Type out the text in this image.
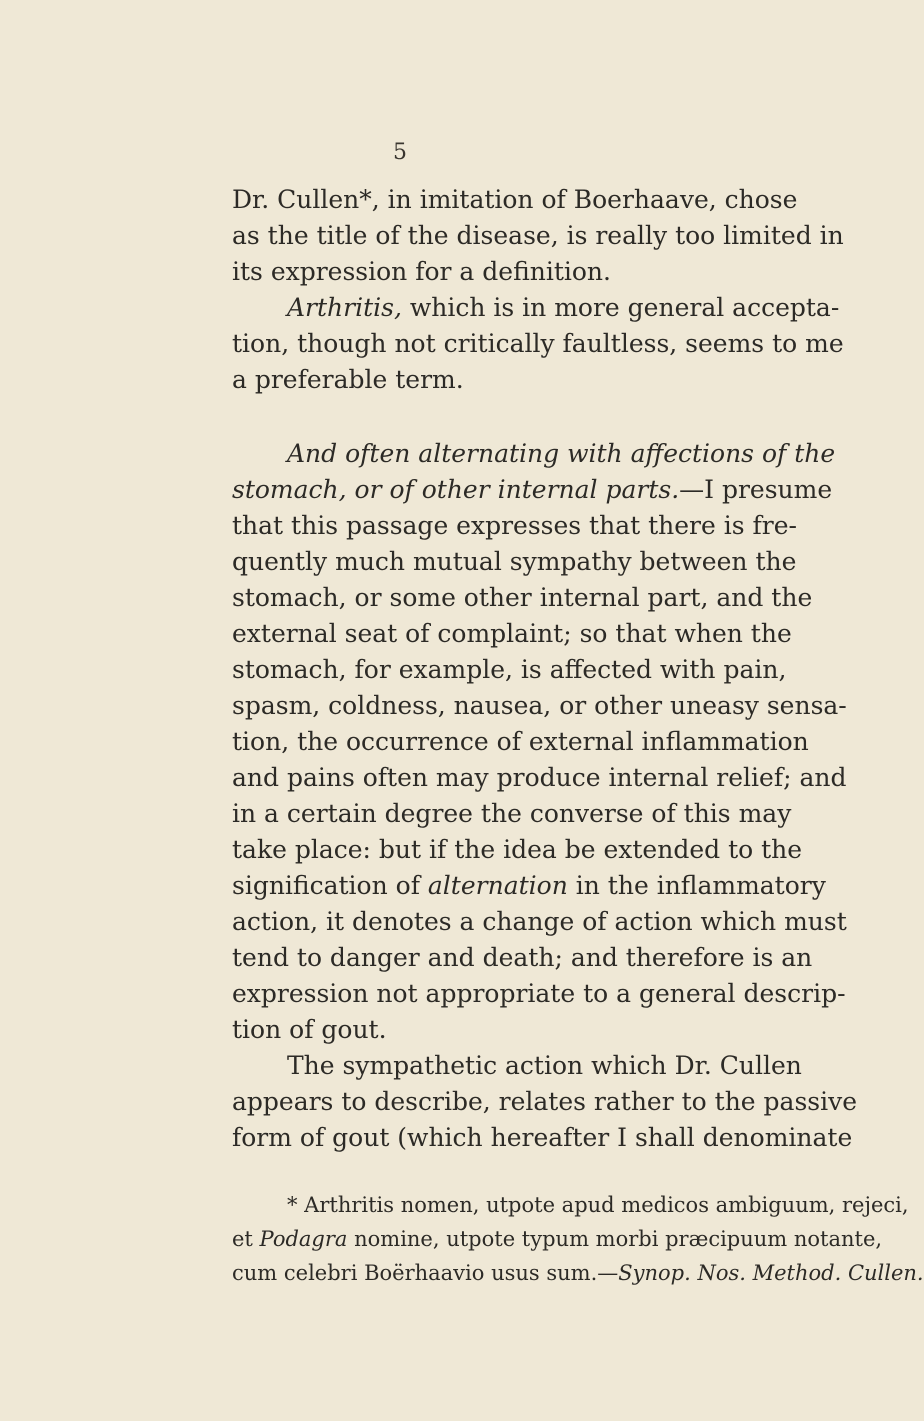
5
Dr. Cullen*, in imitation of Boerhaave, chose
as the title of the disease, is really too limited in
its expression for a definition.
Arthritis, which is in more general accepta-
tion, though not critically faultless, seems to me
a preferable term.
And often alternating with affections of the
stomach, or of other internal parts.—I presume
that this passage expresses that there is fre-
quently much mutual sympathy between the
stomach, or some other internal part, and the
external seat of complaint; so that when the
stomach, for example, is affected with pain,
spasm, coldness, nausea, or other uneasy sensa-
tion, the occurrence of external inflammation
and pains often may produce internal relief; and
in a certain degree the converse of this may
take place: but if the idea be extended to the
signification of alternation in the inflammatory
action, it denotes a change of action which must
tend to danger and death; and therefore is an
expression not appropriate to a general descrip-
tion of gout.
The sympathetic action which Dr. Cullen
appears to describe, relates rather to the passive
form of gout (which hereafter I shall denominate
* Arthritis nomen, utpote apud medicos ambiguum, rejeci,
et Podagra nomine, utpote typum morbi præcipuum notante,
cum celebri Boërhaavio usus sum.—Synop. Nos. Method. Cullen.
